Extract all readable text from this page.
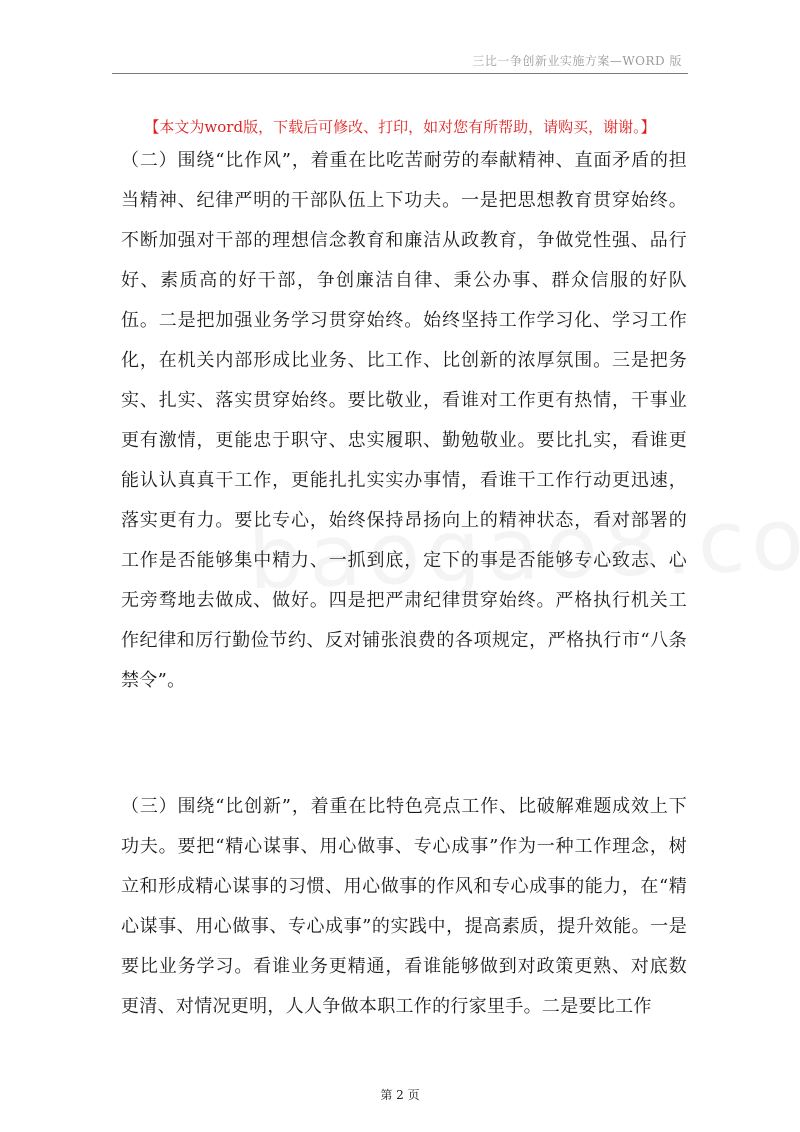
三比一争创新业实施方案—WORD 版
【本文为word版，下载后可修改、打印，如对您有所帮助，请购买，谢谢。】
（二）围绕“比作风”，着重在比吃苦耐劳的奉献精神、直面矛盾的担当精神、纪律严明的干部队伍上下功夫。一是把思想教育贯穿始终。不断加强对干部的理想信念教育和廉洁从政教育，争做党性强、品行好、素质高的好干部，争创廉洁自律、秉公办事、群众信服的好队伍。二是把加强业务学习贯穿始终。始终坚持工作学习化、学习工作化，在机关内部形成比业务、比工作、比创新的浓厚氛围。三是把务实、扎实、落实贯穿始终。要比敬业，看谁对工作更有热情，干事业更有激情，更能忠于职守、忠实履职、勤勉敬业。要比扎实，看谁更能认认真真干工作，更能扎扎实实办事情，看谁干工作行动更迅速，落实更有力。要比专心，始终保持昂扬向上的精神状态，看对部署的工作是否能够集中精力、一抓到底，定下的事是否能够专心致志、心无旁骛地去做成、做好。四是把严肃纪律贯穿始终。严格执行机关工作纪律和厉行勤俭节约、反对铺张浪费的各项规定，严格执行市“八条禁令”。
（三）围绕“比创新”，着重在比特色亮点工作、比破解难题成效上下功夫。要把“精心谋事、用心做事、专心成事”作为一种工作理念，树立和形成精心谋事的习惯、用心做事的作风和专心成事的能力，在“精心谋事、用心做事、专心成事”的实践中，提高素质，提升效能。一是要比业务学习。看谁业务更精通，看谁能够做到对政策更熟、对底数更清、对情况更明，人人争做本职工作的行家里手。二是要比工作
第 2 页
